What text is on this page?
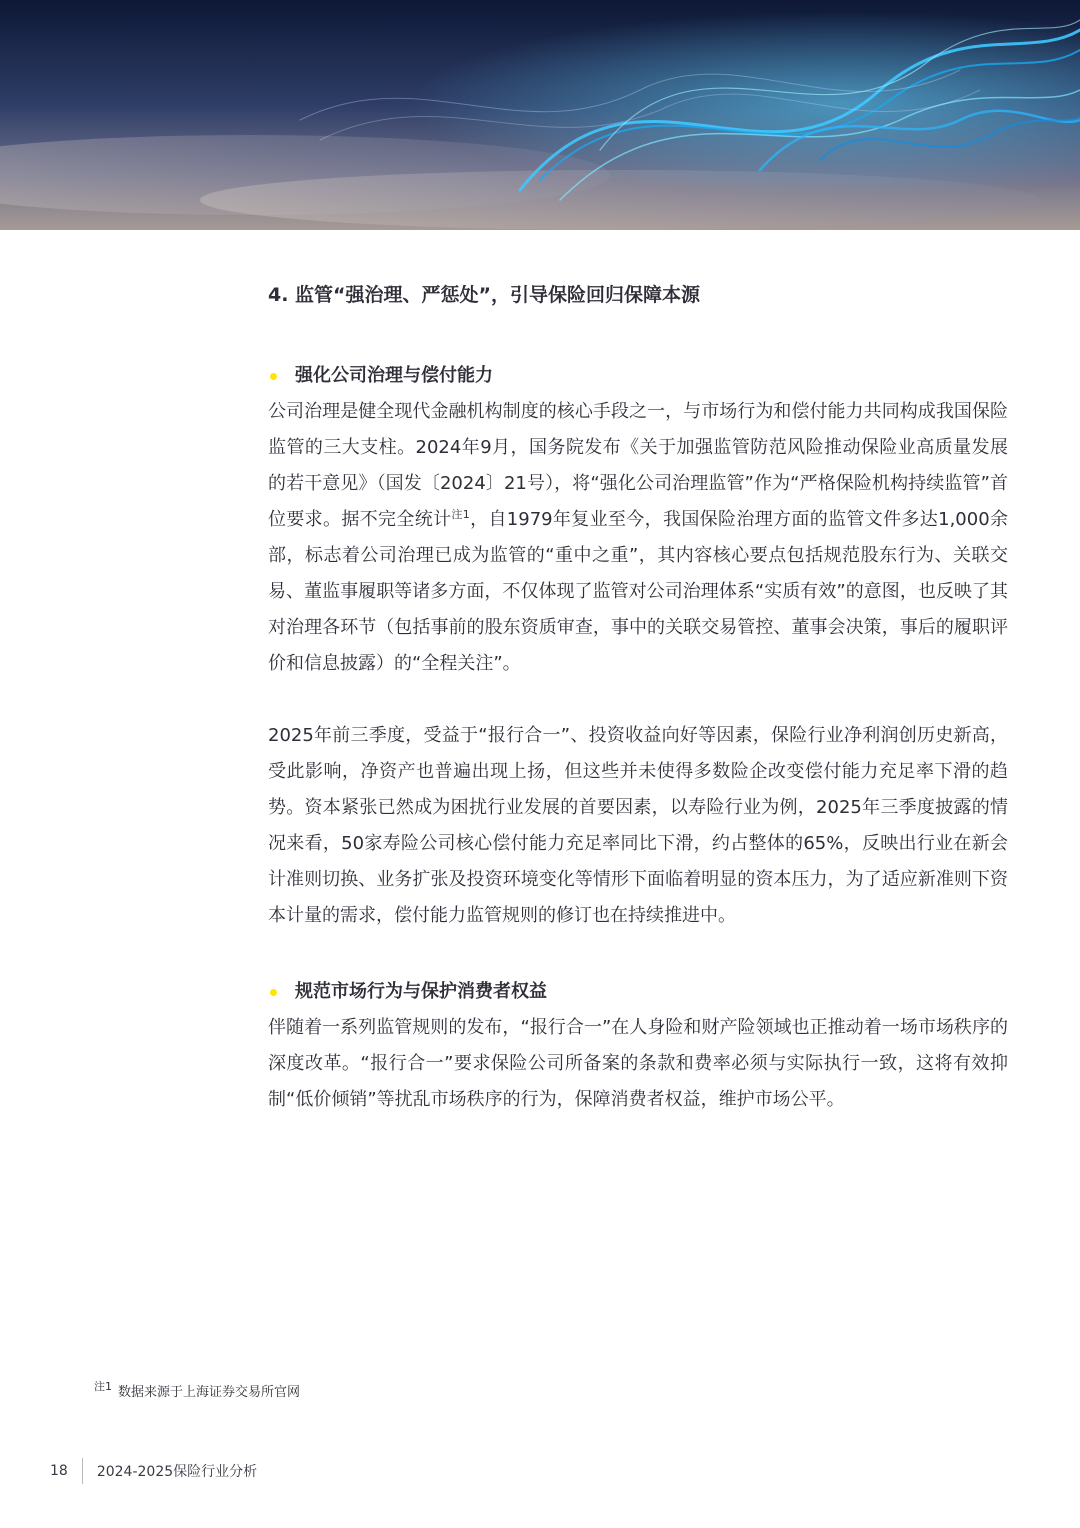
4. 监管“强治理、严惩处”，引导保险回归保障本源
强化公司治理与偿付能力

公司治理是健全现代金融机构制度的核心手段之一，与市场行为和偿付能力共同构成我国保险监管的三大支柱。2024年9月，国务院发布《关于加强监管防范风险推动保险业高质量发展的若干意见》（国发〔2024〕21号），将“强化公司治理监管”作为“严格保险机构持续监管”首位要求。据不完全统计$^{注1}$，自1979年复业至今，我国保险治理方面的监管文件多达1,000余部，标志着公司治理已成为监管的“重中之重”，其内容核心要点包括规范股东行为、关联交易、董监事履职等诸多方面，不仅体现了监管对公司治理体系“实质有效”的意图，也反映了其对治理各环节（包括事前的股东资质审查，事中的关联交易管控、董事会决策，事后的履职评价和信息披露）的“全程关注”。

2025年前三季度，受益于“报行合一”、投资收益向好等因素，保险行业净利润创历史新高，受此影响，净资产也普遍出现上扬，但这些并未使得多数险企改变偿付能力充足率下滑的趋势。资本紧张已然成为困扰行业发展的首要因素，以寿险行业为例，2025年三季度披露的情况来看，50家寿险公司核心偿付能力充足率同比下滑，约占整体的65%，反映出行业在新会计准则切换、业务扩张及投资环境变化等情形下面临着明显的资本压力，为了适应新准则下资本计量的需求，偿付能力监管规则的修订也在持续推进中。

规范市场行为与保护消费者权益

伴随着一系列监管规则的发布，“报行合一”在人身险和财产险领域也正推动着一场市场秩序的深度改革。“报行合一”要求保险公司所备案的条款和费率必须与实际执行一致，这将有效抑制“低价倾销”等扰乱市场秩序的行为，保障消费者权益，维护市场公平。

$^{注1}$ 数据来源于上海证券交易所官网
18 2024-2025保险行业分析
